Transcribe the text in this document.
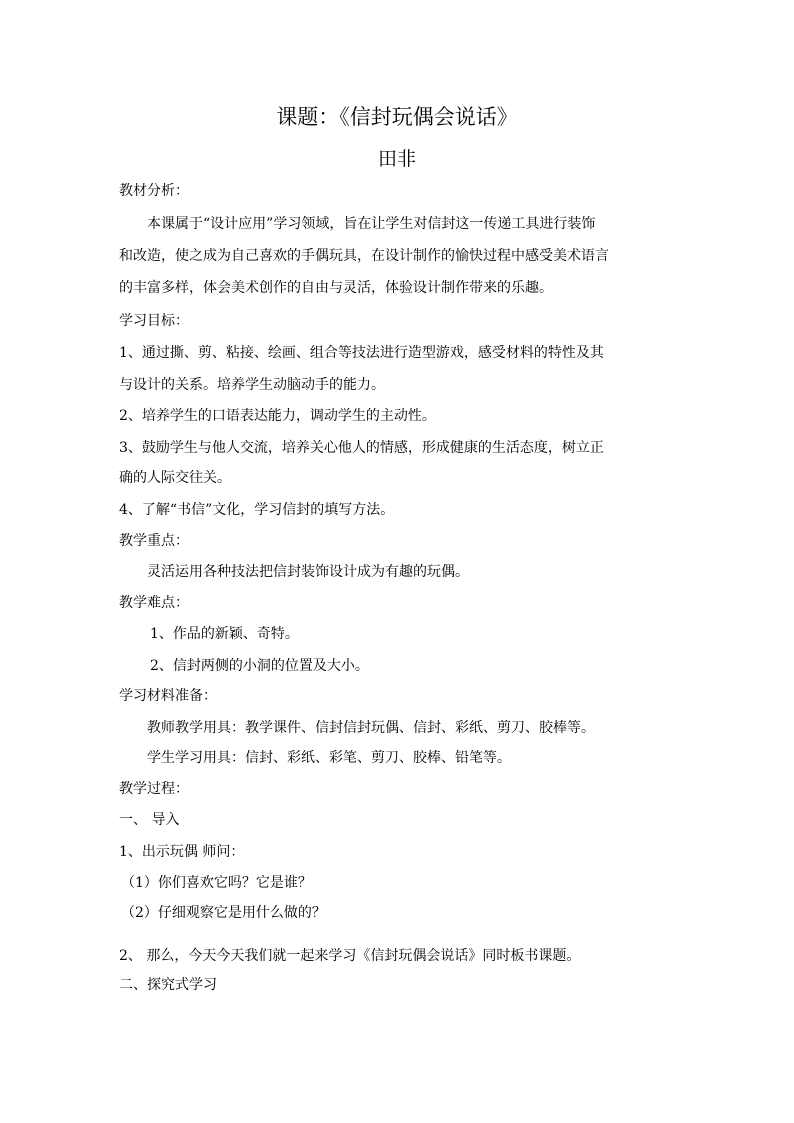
课题：《信封玩偶会说话》
田非
教材分析：
本课属于“设计应用”学习领域，旨在让学生对信封这一传递工具进行装饰
和改造，使之成为自己喜欢的手偶玩具，在设计制作的愉快过程中感受美术语言
的丰富多样，体会美术创作的自由与灵活，体验设计制作带来的乐趣。
学习目标：
1、通过撕、剪、粘接、绘画、组合等技法进行造型游戏，感受材料的特性及其
与设计的关系。培养学生动脑动手的能力。
2、培养学生的口语表达能力，调动学生的主动性。
3、鼓励学生与他人交流，培养关心他人的情感，形成健康的生活态度，树立正
确的人际交往关。
4、了解“书信”文化，学习信封的填写方法。
教学重点：
灵活运用各种技法把信封装饰设计成为有趣的玩偶。
教学难点：
1、作品的新颖、奇特。
2、信封两侧的小洞的位置及大小。
学习材料准备：
教师教学用具：教学课件、信封信封玩偶、信封、彩纸、剪刀、胶棒等。
学生学习用具：信封、彩纸、彩笔、剪刀、胶棒、铅笔等。
教学过程：
一、 导入
1、出示玩偶 师问：
（1）你们喜欢它吗？它是谁？
（2）仔细观察它是用什么做的？
2、 那么，今天今天我们就一起来学习《信封玩偶会说话》同时板书课题。
二、探究式学习
